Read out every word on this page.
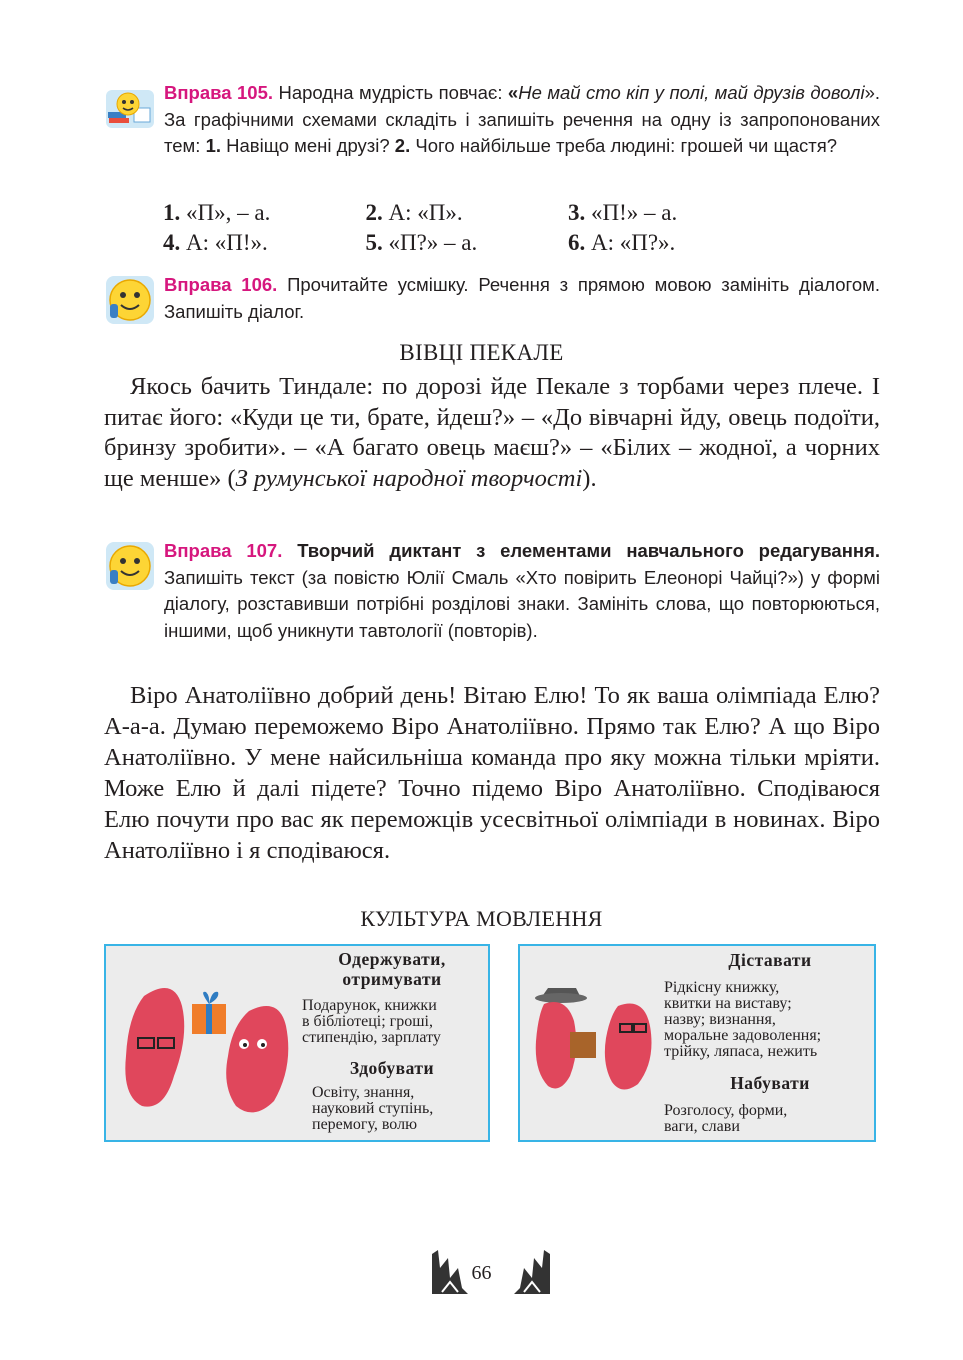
Вправа 105. Народна мудрість повчає: «Не май сто кіп у полі, май друзів доволі». За графічними схемами складіть і запишіть речення на одну із запропонованих тем: 1. Навіщо мені друзі? 2. Чого найбільше треба людині: грошей чи щастя?
1. «П», – а.	2. А: «П».	3. «П!» – а.
4. А: «П!».	5. «П?» – а.	6. А: «П?».
Вправа 106. Прочитайте усмішку. Речення з прямою мовою замініть діалогом. Запишіть діалог.
ВІВЦІ ПЕКАЛЕ
Якось бачить Тиндале: по дорозі йде Пекале з торбами через плече. І питає його: «Куди це ти, брате, йдеш?» – «До вівчарні йду, овець подоїти, бринзу зробити». – «А багато овець маєш?» – «Білих – жодної, а чорних ще менше» (З румунської народної творчості).
Вправа 107. Творчий диктант з елементами навчального редагування. Запишіть текст (за повістю Юлії Смаль «Хто повірить Елеонорі Чайці?») у формі діалогу, розставивши потрібні розділові знаки. Замініть слова, що повторюються, іншими, щоб уникнути тавтології (повторів).
Віро Анатоліївно добрий день! Вітаю Елю! То як ваша олімпіада Елю? А-а-а. Думаю переможемо Віро Анатоліївно. Прямо так Елю? А що Віро Анатоліївно. У мене найсильніша команда про яку можна тільки мріяти. Може Елю й далі підете? Точно підемо Віро Анатоліївно. Сподіваюся Елю почути про вас як переможців усесвітньої олімпіади в новинах. Віро Анатоліївно і я сподіваюся.
КУЛЬТУРА МОВЛЕННЯ
Одержувати,
отримувати
Подарунок, книжки
в бібліотеці; гроші,
стипендію, зарплату
Здобувати
Освіту, знання,
науковий ступінь,
перемогу, волю
Діставати
Рідкісну книжку,
квитки на виставу;
назву; визнання,
моральне задоволення;
трійку, ляпаса, нежить
Набувати
Розголосу, форми,
ваги, слави
66
